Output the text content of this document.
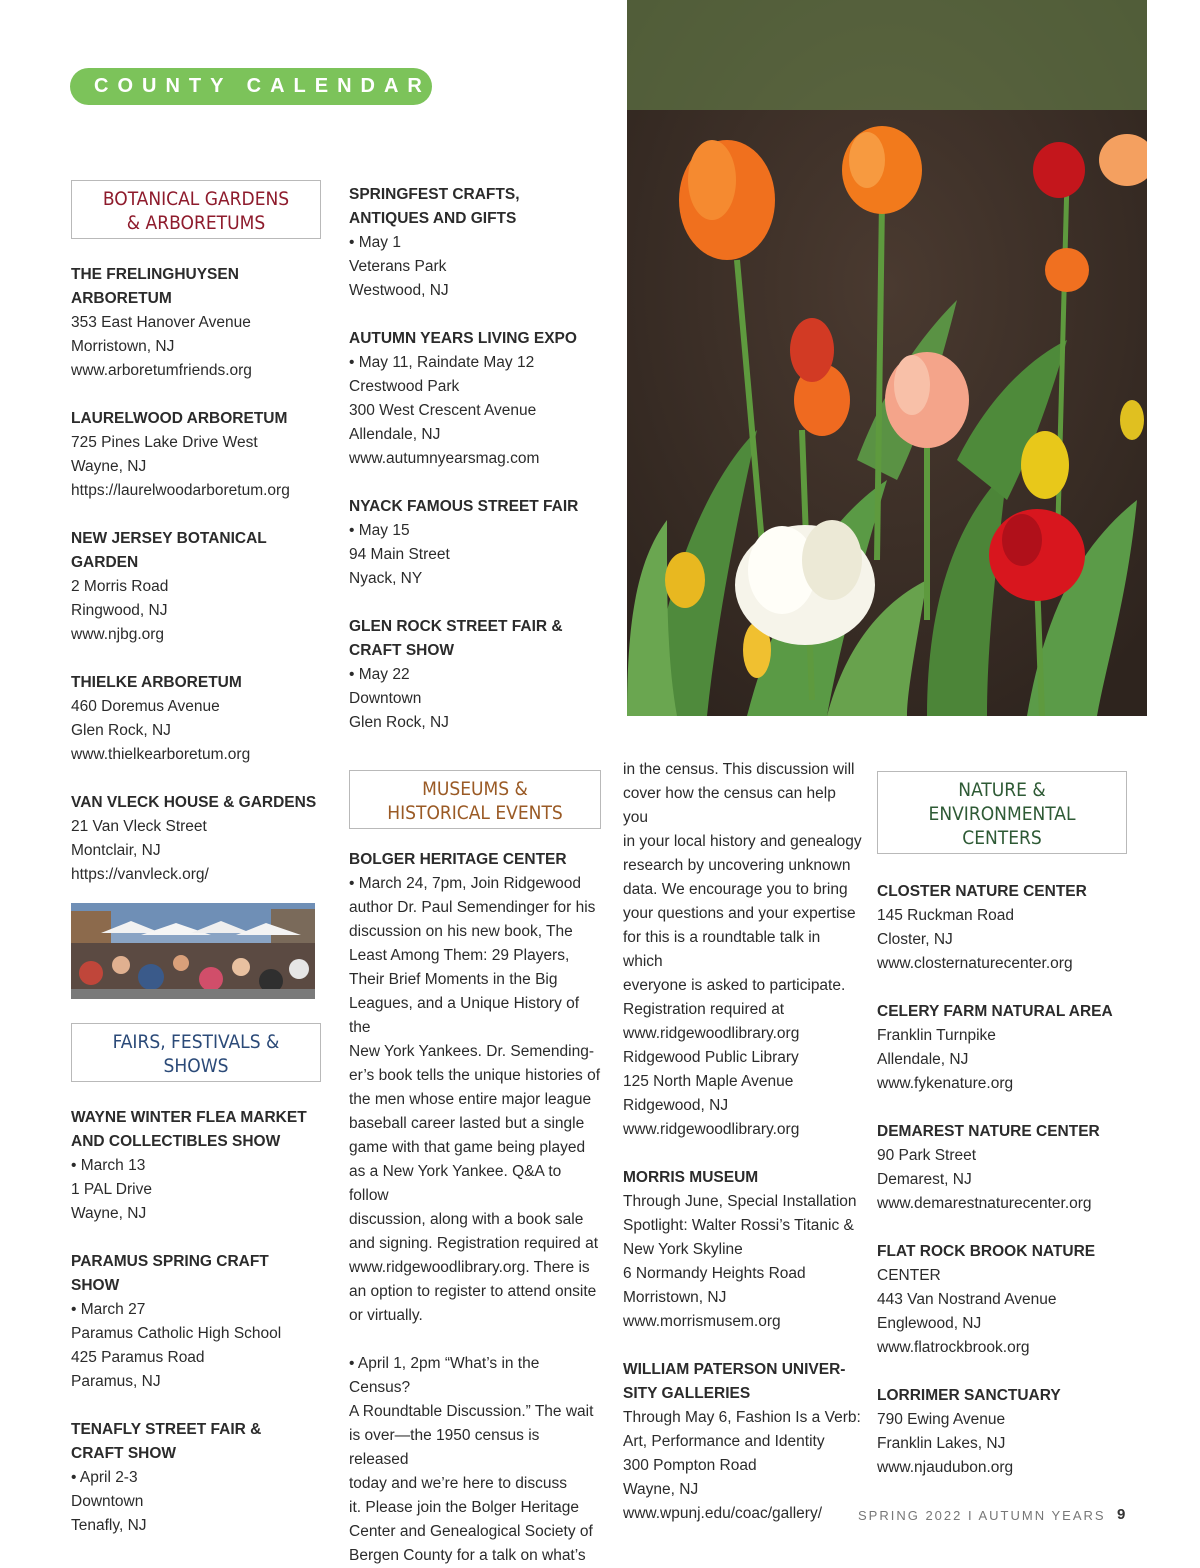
COUNTY CALENDAR
BOTANICAL GARDENS
& ARBORETUMS
THE FRELINGHUYSEN
ARBORETUM
353 East Hanover Avenue
Morristown, NJ
www.arboretumfriends.org
LAURELWOOD ARBORETUM
725 Pines Lake Drive West
Wayne, NJ
https://laurelwoodarboretum.org
NEW JERSEY BOTANICAL
GARDEN
2 Morris Road
Ringwood, NJ
www.njbg.org
THIELKE ARBORETUM
460 Doremus Avenue
Glen Rock, NJ
www.thielkearboretum.org
VAN VLECK HOUSE & GARDENS
21 Van Vleck Street
Montclair, NJ
https://vanvleck.org/
FAIRS, FESTIVALS &
SHOWS
WAYNE WINTER FLEA MARKET
AND COLLECTIBLES SHOW
• March 13
1 PAL Drive
Wayne, NJ
PARAMUS SPRING CRAFT SHOW
• March 27
Paramus Catholic High School
425 Paramus Road
Paramus, NJ
TENAFLY STREET FAIR &
CRAFT SHOW
• April 2-3
Downtown
Tenafly, NJ
SPRINGFEST CRAFTS,
ANTIQUES AND GIFTS
• May 1
Veterans Park
Westwood, NJ
AUTUMN YEARS LIVING EXPO
• May 11, Raindate May 12
Crestwood Park
300 West Crescent Avenue
Allendale, NJ
www.autumnyearsmag.com
NYACK FAMOUS STREET FAIR
• May 15
94 Main Street
Nyack, NY
GLEN ROCK STREET FAIR &
CRAFT SHOW
• May 22
Downtown
Glen Rock, NJ
MUSEUMS &
HISTORICAL EVENTS
BOLGER HERITAGE CENTER
• March 24, 7pm, Join Ridgewood
author Dr. Paul Semendinger for his
discussion on his new book, The
Least Among Them: 29 Players,
Their Brief Moments in the Big
Leagues, and a Unique History of the
New York Yankees. Dr. Semending-
er’s book tells the unique histories of
the men whose entire major league
baseball career lasted but a single
game with that game being played
as a New York Yankee. Q&A to follow
discussion, along with a book sale
and signing. Registration required at
www.ridgewoodlibrary.org. There is
an option to register to attend onsite
or virtually.
• April 1, 2pm “What’s in the Census?
A Roundtable Discussion.” The wait
is over—the 1950 census is released
today and we’re here to discuss
it. Please join the Bolger Heritage
Center and Genealogical Society of
Bergen County for a talk on what’s
in the census. This discussion will
cover how the census can help you
in your local history and genealogy
research by uncovering unknown
data. We encourage you to bring
your questions and your expertise
for this is a roundtable talk in which
everyone is asked to participate.
Registration required at
www.ridgewoodlibrary.org
Ridgewood Public Library
125 North Maple Avenue
Ridgewood, NJ
www.ridgewoodlibrary.org
MORRIS MUSEUM
Through June, Special Installation
Spotlight: Walter Rossi’s Titanic &
New York Skyline
6 Normandy Heights Road
Morristown, NJ
www.morrismusem.org
WILLIAM PATERSON UNIVER-
SITY GALLERIES
Through May 6, Fashion Is a Verb:
Art, Performance and Identity
300 Pompton Road
Wayne, NJ
www.wpunj.edu/coac/gallery/
NATURE &
ENVIRONMENTAL
CENTERS
CLOSTER NATURE CENTER
145 Ruckman Road
Closter, NJ
www.closternaturecenter.org
CELERY FARM NATURAL AREA
Franklin Turnpike
Allendale, NJ
www.fykenature.org
DEMAREST NATURE CENTER
90 Park Street
Demarest, NJ
www.demarestnaturecenter.org
FLAT ROCK BROOK NATURE
CENTER
443 Van Nostrand Avenue
Englewood, NJ
www.flatrockbrook.org
LORRIMER SANCTUARY
790 Ewing Avenue
Franklin Lakes, NJ
www.njaudubon.org
SPRING 2022 I AUTUMN YEARS 9
